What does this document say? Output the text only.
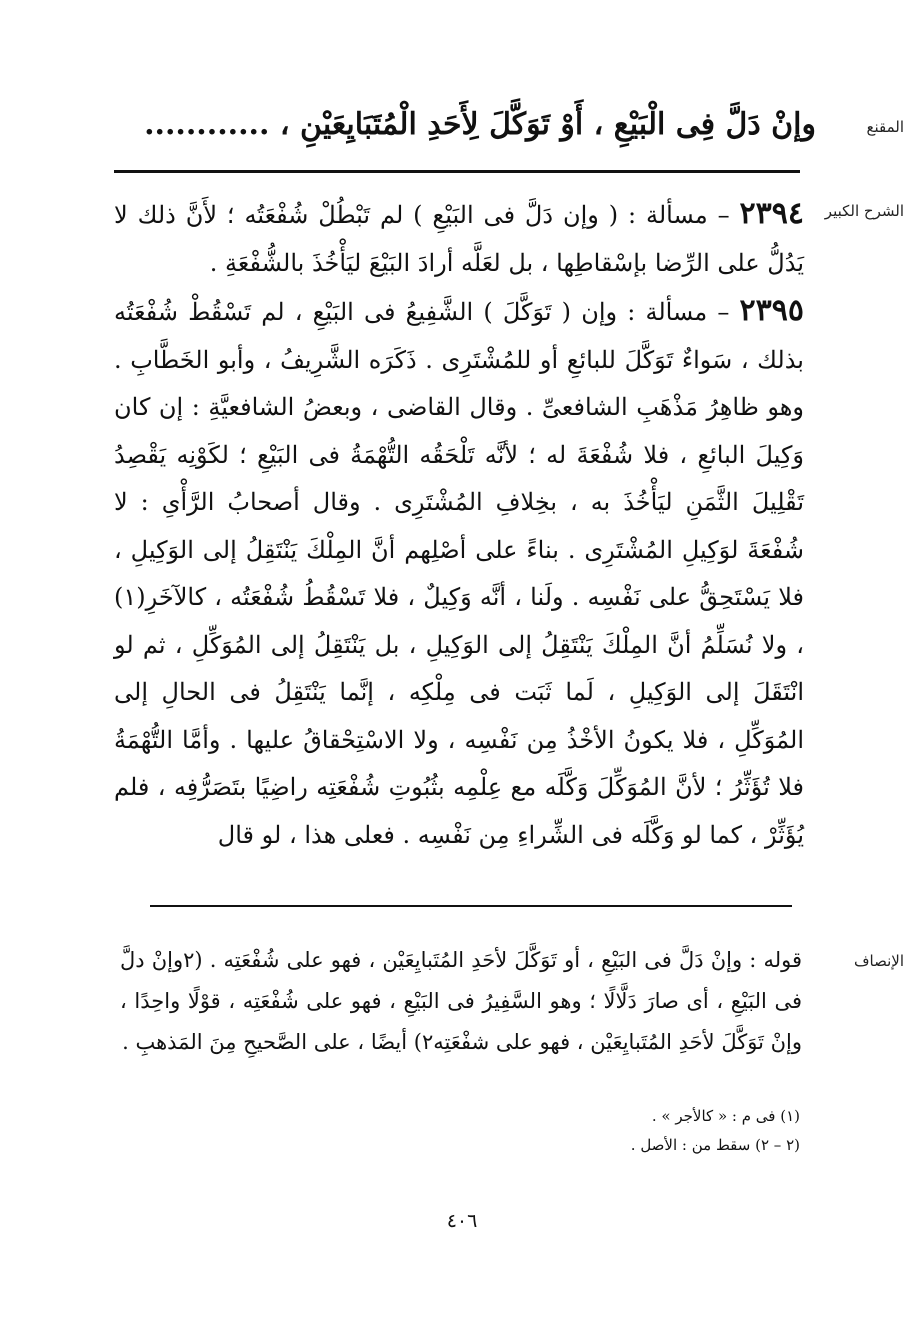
المقنع
الشرح الكبير
الإنصاف
وإنْ دَلَّ فِى الْبَيْعِ ، أَوْ تَوَكَّلَ لِأَحَدِ الْمُتَبَايِعَيْنِ ، ............

٢٣٩٤ – مسألة : ( وإن دَلَّ فى البَيْعِ ) لم تَبْطُلْ شُفْعَتُه ؛ لأَنَّ ذلك لا يَدُلُّ على الرِّضا بإسْقاطِها ، بل لعَلَّه أرادَ البَيْعَ ليَأْخُذَ بالشُّفْعَةِ .

٢٣٩٥ – مسألة : وإن ( تَوَكَّلَ ) الشَّفِيعُ فى البَيْعِ ، لم تَسْقُطْ شُفْعَتُه بذلك ، سَواءٌ تَوَكَّلَ للبائعِ أو للمُشْتَرِى . ذَكَرَه الشَّرِيفُ ، وأبو الخَطَّابِ . وهو ظاهِرُ مَذْهَبِ الشافعىِّ . وقال القاضى ، وبعضُ الشافعيَّةِ : إن كان وَكِيلَ البائعِ ، فلا شُفْعَةَ له ؛ لأنَّه تَلْحَقُه التُّهْمَةُ فى البَيْعِ ؛ لكَوْنِه يَقْصِدُ تَقْلِيلَ الثَّمَنِ ليَأْخُذَ به ، بخِلافِ المُشْتَرِى . وقال أصحابُ الرَّأْىِ : لا شُفْعَةَ لوَكِيلِ المُشْتَرِى . بناءً على أصْلِهم أنَّ المِلْكَ يَنْتَقِلُ إلى الوَكِيلِ ، فلا يَسْتَحِقُّ على نَفْسِه . ولَنا ، أنَّه وَكِيلٌ ، فلا تَسْقُطُ شُفْعَتُه ، كالآخَرِ(١) ، ولا نُسَلِّمُ أنَّ المِلْكَ يَنْتَقِلُ إلى الوَكِيلِ ، بل يَنْتَقِلُ إلى المُوَكِّلِ ، ثم لو انْتَقَلَ إلى الوَكِيلِ ، لَما ثَبَت فى مِلْكِه ، إنَّما يَنْتَقِلُ فى الحالِ إلى المُوَكِّلِ ، فلا يكونُ الأخْذُ مِن نَفْسِه ، ولا الاسْتِحْقاقُ عليها . وأمَّا التُّهْمَةُ فلا تُؤَثِّرُ ؛ لأنَّ المُوَكِّلَ وَكَّلَه مع عِلْمِه بثُبُوتِ شُفْعَتِه راضِيًا بتَصَرُّفِه ، فلم يُؤَثِّرْ ، كما لو وَكَّلَه فى الشِّراءِ مِن نَفْسِه . فعلى هذا ، لو قال

قوله : وإنْ دَلَّ فى البَيْعِ ، أو تَوَكَّلَ لأحَدِ المُتَبايِعَيْن ، فهو على شُفْعَتِه . (٢وإنْ دلَّ فى البَيْعِ ، أى صارَ دَلَّالًا ؛ وهو السَّفِيرُ فى البَيْعِ ، فهو على شُفْعَتِه ، قوْلًا واحِدًا ، وإنْ تَوَكَّلَ لأحَدِ المُتَبايِعَيْن ، فهو على شفْعَتِه٢) أيضًا ، على الصَّحيحِ مِنَ المَذهبِ .

(١) فى م : « كالأجر » .

(٢ – ٢) سقط من : الأصل .

٤٠٦
